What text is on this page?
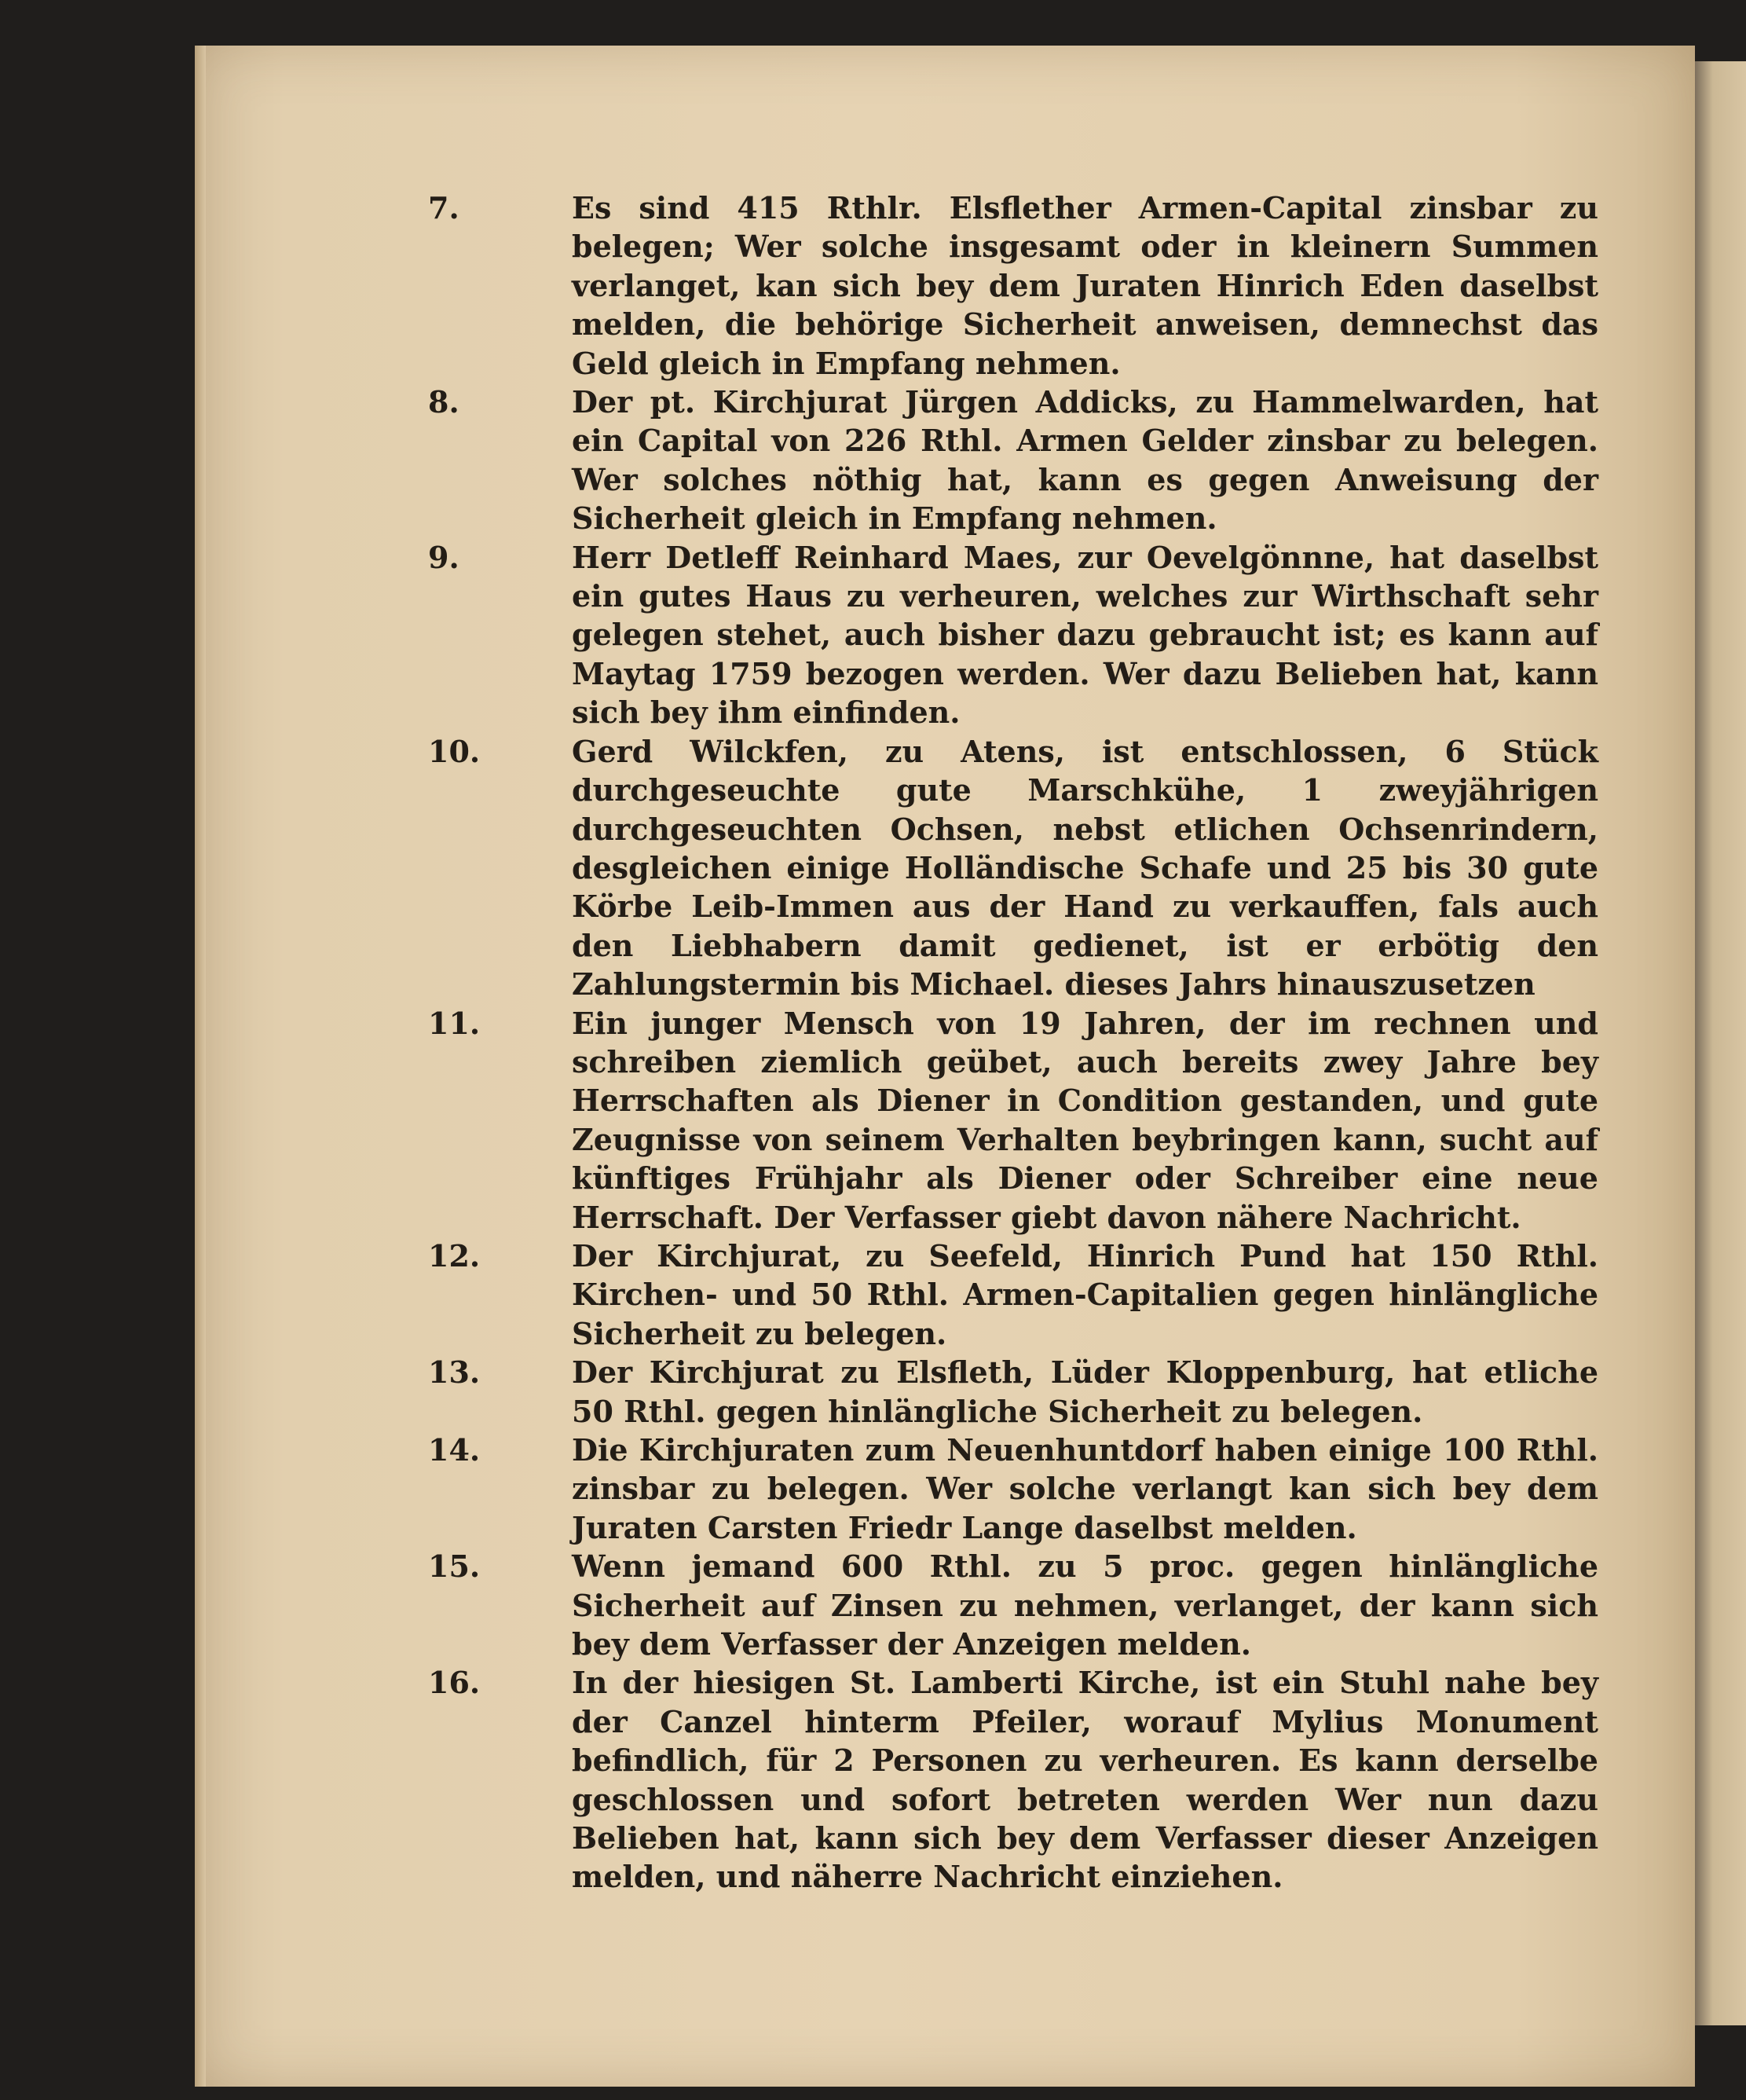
7.	Es sind 415 Rthlr. Elsflether Armen-Capital zinsbar zu belegen; Wer solche insgesamt oder in kleinern Summen verlanget, kan sich bey dem Juraten Hinrich Eden daselbst melden, die behörige Sicherheit anweisen, demnechst das Geld gleich in Empfang nehmen.
8.	Der pt. Kirchjurat Jürgen Addicks, zu Hammelwarden, hat ein Capital von 226 Rthl. Armen Gelder zinsbar zu belegen. Wer solches nöthig hat, kann es gegen Anweisung der Sicherheit gleich in Empfang nehmen.
9.	Herr Detleff Reinhard Maes, zur Oevelgönnne, hat daselbst ein gutes Haus zu verheuren, welches zur Wirthschaft sehr gelegen stehet, auch bisher dazu gebraucht ist; es kann auf Maytag 1759 bezogen werden. Wer dazu Belieben hat, kann sich bey ihm einfinden.
10.	Gerd Wilckfen, zu Atens, ist entschlossen, 6 Stück durchgeseuchte gute Marschkühe, 1 zweyjährigen durchgeseuchten Ochsen, nebst etlichen Ochsenrindern, desgleichen einige Holländische Schafe und 25 bis 30 gute Körbe Leib-Immen aus der Hand zu verkauffen, fals auch den Liebhabern damit gedienet, ist er erbötig den Zahlungstermin bis Michael. dieses Jahrs hinauszusetzen
11.	Ein junger Mensch von 19 Jahren, der im rechnen und schreiben ziemlich geübet, auch bereits zwey Jahre bey Herrschaften als Diener in Condition gestanden, und gute Zeugnisse von seinem Verhalten beybringen kann, sucht auf künftiges Frühjahr als Diener oder Schreiber eine neue Herrschaft. Der Verfasser giebt davon nähere Nachricht.
12.	Der Kirchjurat, zu Seefeld, Hinrich Pund hat 150 Rthl. Kirchen- und 50 Rthl. Armen-Capitalien gegen hinlängliche Sicherheit zu belegen.
13.	Der Kirchjurat zu Elsfleth, Lüder Kloppenburg, hat etliche 50 Rthl. gegen hinlängliche Sicherheit zu belegen.
14.	Die Kirchjuraten zum Neuenhuntdorf haben einige 100 Rthl. zinsbar zu belegen. Wer solche verlangt kan sich bey dem Juraten Carsten Friedr Lange daselbst melden.
15.	Wenn jemand 600 Rthl. zu 5 proc. gegen hinlängliche Sicherheit auf Zinsen zu nehmen, verlanget, der kann sich bey dem Verfasser der Anzeigen melden.
16.	In der hiesigen St. Lamberti Kirche, ist ein Stuhl nahe bey der Canzel hinterm Pfeiler, worauf Mylius Monument befindlich, für 2 Personen zu verheuren. Es kann derselbe geschlossen und sofort betreten werden Wer nun dazu Belieben hat, kann sich bey dem Verfasser dieser Anzeigen melden, und näherre Nachricht einziehen.
